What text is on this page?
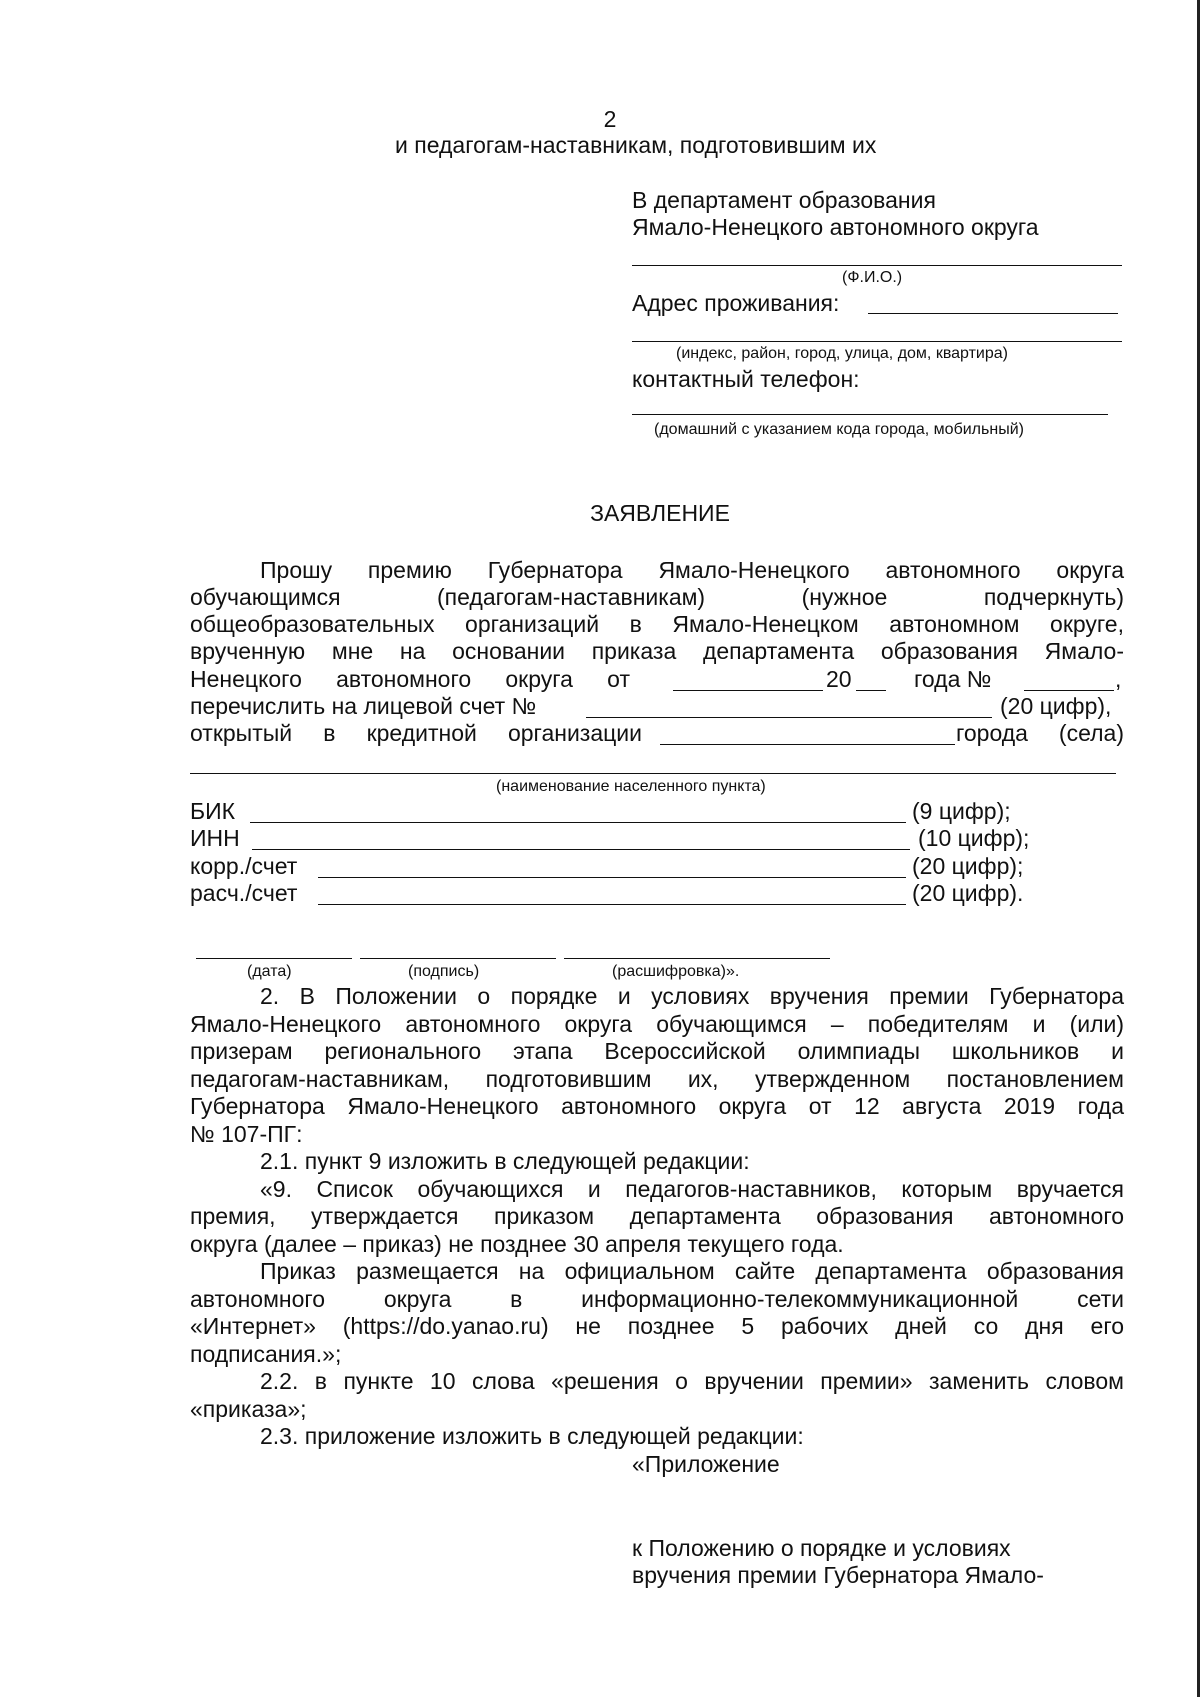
2
и педагогам-наставникам, подготовившим их
В департамент образования
Ямало-Ненецкого автономного округа
(Ф.И.О.)
Адрес проживания:
(индекс, район, город, улица, дом, квартира)
контактный телефон:
(домашний с указанием кода города, мобильный)
ЗАЯВЛЕНИЕ
Прошу премию Губернатора Ямало-Ненецкого автономного округа
обучающимся	(педагогам-наставникам)	(нужное	подчеркнуть)
общеобразовательных организаций в Ямало-Ненецком автономном округе,
врученную мне на основании приказа департамента образования Ямало-
Ненецкого автономного округа от	20	года №	,
перечислить на лицевой счет №	(20 цифр),
открытый в кредитной организации	города (села)
(наименование населенного пункта)
БИК	(9 цифр);
ИНН	(10 цифр);
корр./счет	(20 цифр);
расч./счет	(20 цифр).
(дата)	(подпись)	(расшифровка)».
2. В Положении о порядке и условиях вручения премии Губернатора
Ямало-Ненецкого автономного округа обучающимся – победителям и (или)
призерам регионального этапа Всероссийской олимпиады школьников и
педагогам-наставникам, подготовившим их, утвержденном постановлением
Губернатора Ямало-Ненецкого автономного округа от 12 августа 2019 года
№ 107-ПГ:
2.1. пункт 9 изложить в следующей редакции:
«9. Список обучающихся и педагогов-наставников, которым вручается
премия, утверждается приказом департамента образования автономного
округа (далее – приказ) не позднее 30 апреля текущего года.
Приказ размещается на официальном сайте департамента образования
автономного	округа	в	информационно-телекоммуникационной	сети
«Интернет» (https://do.yanao.ru) не позднее 5 рабочих дней со дня его
подписания.»;
2.2. в пункте 10 слова «решения о вручении премии» заменить словом
«приказа»;
2.3. приложение изложить в следующей редакции:
«Приложение
к Положению о порядке и условиях
вручения премии Губернатора Ямало-
